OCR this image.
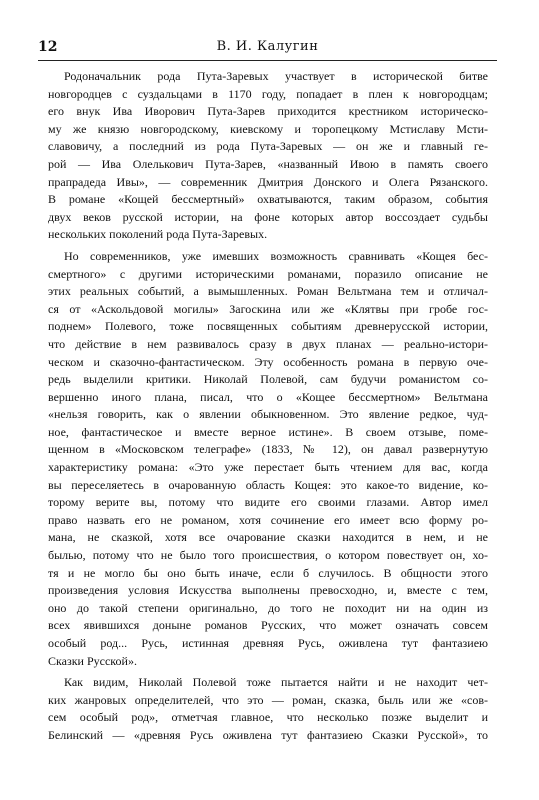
12	В. И. Калугин
Родоначальник рода Пута-Заревых участвует в исторической битве
новгородцев с суздальцами в 1170 году, попадает в плен к новгородцам;
его внук Ива Иворович Пута-Зарев приходится крестником историческо-
му же князю новгородскому, киевскому и торопецкому Мстиславу Мсти-
славовичу, а последний из рода Пута-Заревых — он же и главный ге-
рой — Ива Олелькович Пута-Зарев, «названный Ивою в память своего
прапрадеда Ивы», — современник Дмитрия Донского и Олега Рязанского.
В романе «Кощей бессмертный» охватываются, таким образом, события
двух веков русской истории, на фоне которых автор воссоздает судьбы
нескольких поколений рода Пута-Заревых.
Но современников, уже имевших возможность сравнивать «Кощея бес-
смертного» с другими историческими романами, поразило описание не
этих реальных событий, а вымышленных. Роман Вельтмана тем и отличал-
ся от «Аскольдовой могилы» Загоскина или же «Клятвы при гробе гос-
поднем» Полевого, тоже посвященных событиям древнерусской истории,
что действие в нем развивалось сразу в двух планах — реально-истори-
ческом и сказочно-фантастическом. Эту особенность романа в первую оче-
редь выделили критики. Николай Полевой, сам будучи романистом со-
вершенно иного плана, писал, что о «Кощее бессмертном» Вельтмана
«нельзя говорить, как о явлении обыкновенном. Это явление редкое, чуд-
ное, фантастическое и вместе верное истине». В своем отзыве, поме-
щенном в «Московском телеграфе» (1833, № 12), он давал развернутую
характеристику романа: «Это уже перестает быть чтением для вас, когда
вы переселяетесь в очарованную область Кощея: это какое-то видение, ко-
торому верите вы, потому что видите его своими глазами. Автор имел
право назвать его не романом, хотя сочинение его имеет всю форму ро-
мана, не сказкой, хотя все очарование сказки находится в нем, и не
былью, потому что не было того происшествия, о котором повествует он, хо-
тя и не могло бы оно быть иначе, если б случилось. В общности этого
произведения условия Искусства выполнены превосходно, и, вместе с тем,
оно до такой степени оригинально, до того не походит ни на один из
всех явившихся доныне романов Русских, что может означать совсем
особый род... Русь, истинная древняя Русь, оживлена тут фантазиею
Сказки Русской».
Как видим, Николай Полевой тоже пытается найти и не находит чет-
ких жанровых определителей, что это — роман, сказка, быль или же «сов-
сем особый род», отметчая главное, что несколько позже выделит и
Белинский — «древняя Русь оживлена тут фантазиею Сказки Русской», то
